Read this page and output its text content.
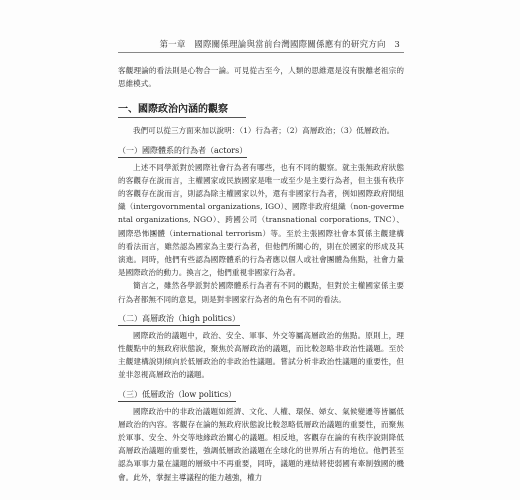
第一章 國際關係理論與當前台灣國際關係應有的研究方向 3

客觀理論的看法則是心物合一論。可見從古至今，人類的思維還是沒有脫離老祖宗的思維模式。

一、國際政治內涵的觀察

我們可以從三方面來加以說明：（1）行為者；（2）高層政治；（3）低層政治。

（一）國際體系的行為者（actors）

上述不同學派對於國際社會行為者有哪些，也有不同的觀察。就主張無政府狀態的客觀存在說而言，主權國家或民族國家是唯一或至少是主要行為者，但主張有秩序的客觀存在說而言，則認為除主權國家以外，還有非國家行為者，例如國際政府間組織（intergovornmental organizations, IGO）、國際非政府組織（non-govermental organizations, NGO）、跨國公司（transnational corporations, TNC）、國際恐怖團體（international terrorism）等。至於主張國際社會本質係主觀建構的看法而言，雖然認為國家為主要行為者，但他們所關心的，則在於國家的形成及其演進。同時，他們有些認為國際體系的行為者應以個人或社會團體為焦點，社會力量是國際政治的動力。換言之，他們重視非國家行為者。

簡言之，雖然各學派對於國際體系行為者有不同的觀點，但對於主權國家係主要行為者都無不同的意見，則是對非國家行為者的角色有不同的看法。

（二）高層政治（high politics）

國際政治的議題中，政治、安全、軍事、外交等屬高層政治的焦點。原則上，理性觀點中的無政府狀態說，聚焦於高層政治的議題，而比較忽略非政治性議題。至於主觀建構說則傾向於低層政治的非政治性議題。嘗試分析非政治性議題的重要性，但並非忽視高層政治的議題。

（三）低層政治（low politics）

國際政治中的非政治議題如經濟、文化、人權、環保、婦女、氣候變遷等皆屬低層政治的內容。客觀存在論的無政府狀態說比較忽略低層政治議題的重要性，而聚焦於軍事、安全、外交等地緣政治關心的議題。相反地，客觀存在論的有秩序說則降低高層政治議題的重要性，強調低層政治議題在全球化的世界所占有的地位。他們甚至認為軍事力量在議題的層級中不再重要，同時，議題的連結將使弱國有牽制強國的機會。此外，掌握主導議程的能力越強，權力
